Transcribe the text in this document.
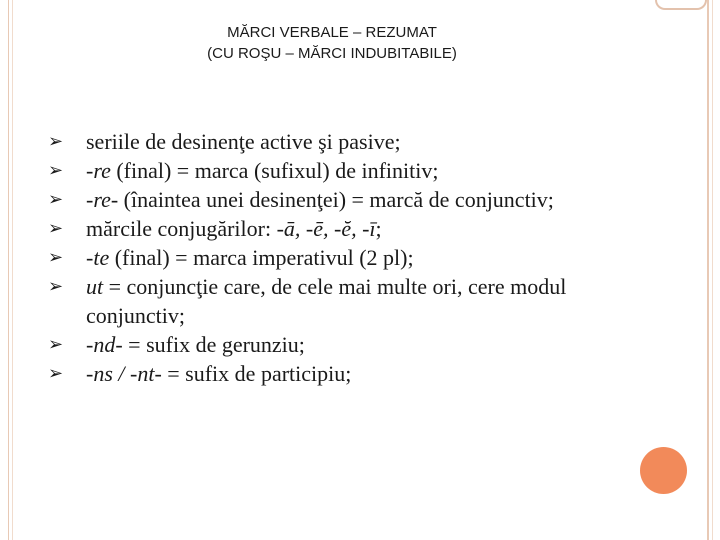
MĂRCI VERBALE – REZUMAT
(CU ROŞU – MĂRCI INDUBITABILE)
➢ seriile de desinenţe active şi pasive;
➢ -re (final) = marca (sufixul) de infinitiv;
➢ -re- (înaintea unei desinenţei) = marcă de conjunctiv;
➢ mărcile conjugărilor: -ā, -ē, -ĕ, -ī;
➢ -te (final) = marca imperativul (2 pl);
➢ ut = conjuncţie care, de cele mai multe ori, cere modul conjunctiv;
➢ -nd- = sufix de gerunziu;
➢ -ns / -nt- = sufix de participiu;
